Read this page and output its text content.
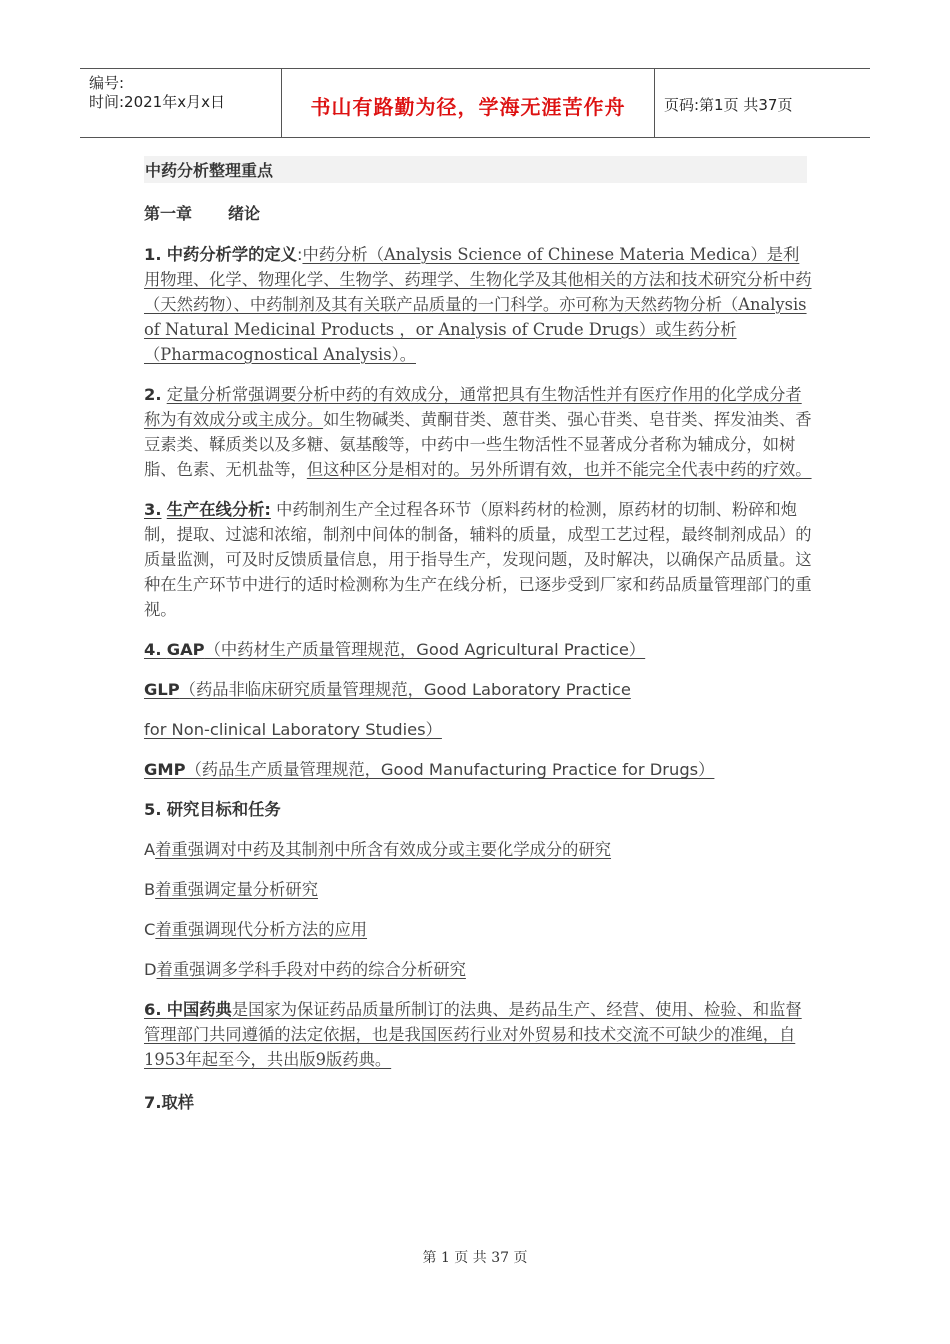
编号:
时间:2021年x月x日	书山有路勤为径，学海无涯苦作舟	页码:第1页 共37页
中药分析整理重点
第一章 绪论

1. 中药分析学的定义:中药分析（Analysis Science of Chinese Materia Medica）是利用物理、化学、物理化学、生物学、药理学、生物化学及其他相关的方法和技术研究分析中药（天然药物）、中药制剂及其有关联产品质量的一门科学。亦可称为天然药物分析（Analysis of Natural Medicinal Products ，or Analysis of Crude Drugs）或生药分析（Pharmacognostical Analysis）。

2. 定量分析常强调要分析中药的有效成分，通常把具有生物活性并有医疗作用的化学成分者称为有效成分或主成分。如生物碱类、黄酮苷类、蒽苷类、强心苷类、皂苷类、挥发油类、香豆素类、鞣质类以及多糖、氨基酸等，中药中一些生物活性不显著成分者称为辅成分，如树脂、色素、无机盐等，但这种区分是相对的。另外所谓有效，也并不能完全代表中药的疗效。

3. 生产在线分析: 中药制剂生产全过程各环节（原料药材的检测，原药材的切制、粉碎和炮制，提取、过滤和浓缩，制剂中间体的制备，辅料的质量，成型工艺过程，最终制剂成品）的质量监测，可及时反馈质量信息，用于指导生产，发现问题，及时解决，以确保产品质量。这种在生产环节中进行的适时检测称为生产在线分析，已逐步受到厂家和药品质量管理部门的重视。

4. GAP（中药材生产质量管理规范，Good Agricultural Practice）

GLP（药品非临床研究质量管理规范，Good Laboratory Practice

for Non-clinical Laboratory Studies）

GMP（药品生产质量管理规范，Good Manufacturing Practice for Drugs）

5. 研究目标和任务

A着重强调对中药及其制剂中所含有效成分或主要化学成分的研究

B着重强调定量分析研究

C着重强调现代分析方法的应用

D着重强调多学科手段对中药的综合分析研究

6. 中国药典是国家为保证药品质量所制订的法典、是药品生产、经营、使用、检验、和监督管理部门共同遵循的法定依据，也是我国医药行业对外贸易和技术交流不可缺少的准绳，自1953年起至今，共出版9版药典。

7.取样

第 1 页 共 37 页
